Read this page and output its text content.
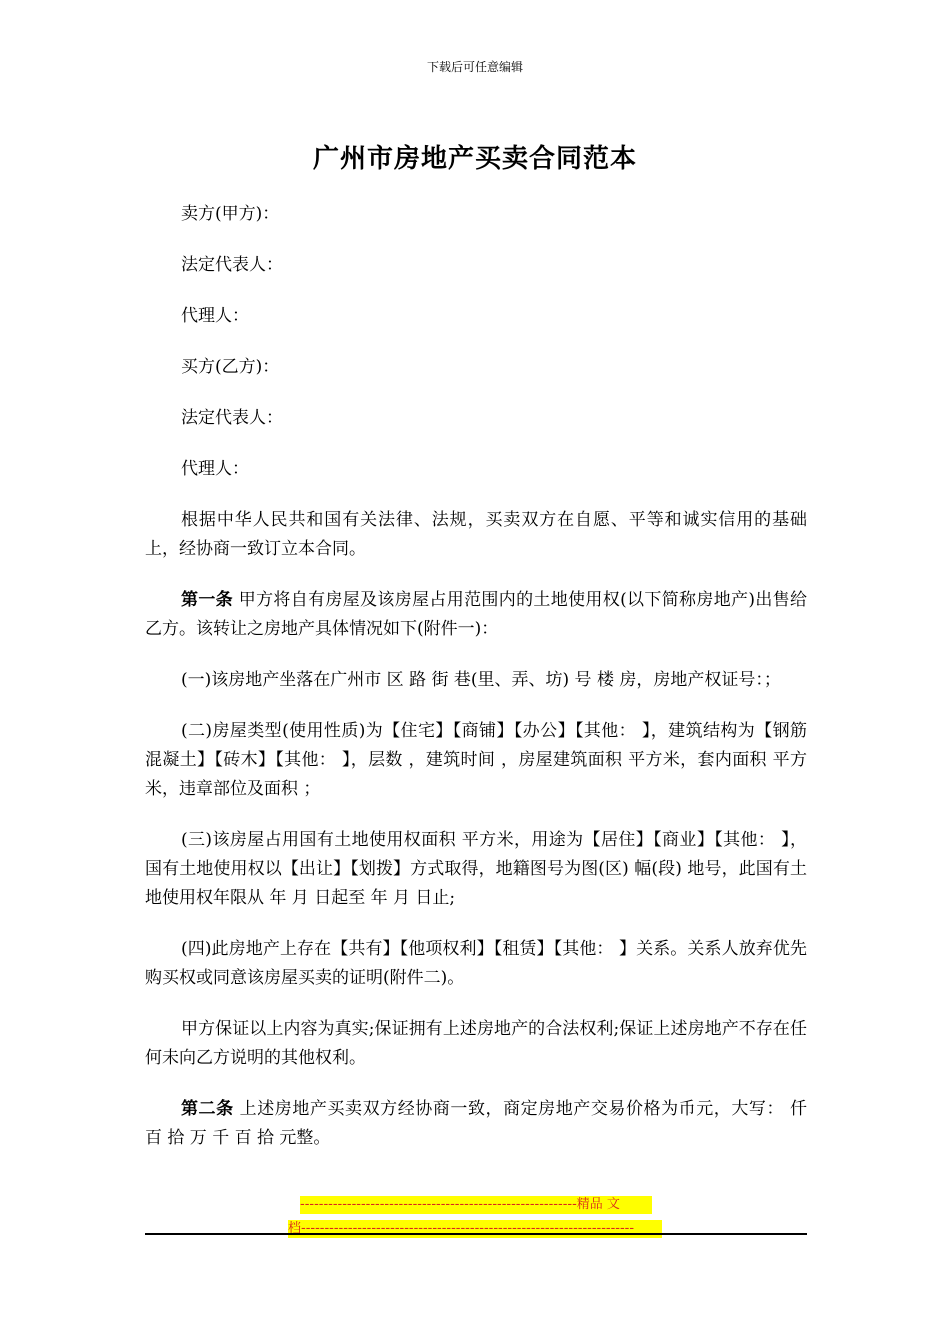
下载后可任意编辑
广州市房地产买卖合同范本

卖方(甲方)：

法定代表人：

代理人：

买方(乙方)：

法定代表人：

代理人：

根据中华人民共和国有关法律、法规，买卖双方在自愿、平等和诚实信用的基础上，经协商一致订立本合同。

第一条 甲方将自有房屋及该房屋占用范围内的土地使用权(以下简称房地产)出售给乙方。该转让之房地产具体情况如下(附件一)：

(一)该房地产坐落在广州市 区 路 街 巷(里、弄、坊) 号 楼 房，房地产权证号：；

(二)房屋类型(使用性质)为【住宅】【商铺】【办公】【其他： 】，建筑结构为【钢筋混凝土】【砖木】【其他： 】，层数 ，建筑时间 ，房屋建筑面积 平方米，套内面积 平方米，违章部位及面积 ；

(三)该房屋占用国有土地使用权面积 平方米，用途为【居住】【商业】【其他： 】，国有土地使用权以【出让】【划拨】方式取得，地籍图号为图(区) 幅(段) 地号，此国有土地使用权年限从 年 月 日起至 年 月 日止;

(四)此房地产上存在【共有】【他项权利】【租赁】【其他： 】关系。关系人放弃优先购买权或同意该房屋买卖的证明(附件二)。

甲方保证以上内容为真实;保证拥有上述房地产的合法权利;保证上述房地产不存在任何未向乙方说明的其他权利。

第二条 上述房地产买卖双方经协商一致，商定房地产交易价格为币元，大写： 仟 百 拾 万 千 百 拾 元整。

-----------------------------------------------------------精品 文
档-----------------------------------------------------------------------
